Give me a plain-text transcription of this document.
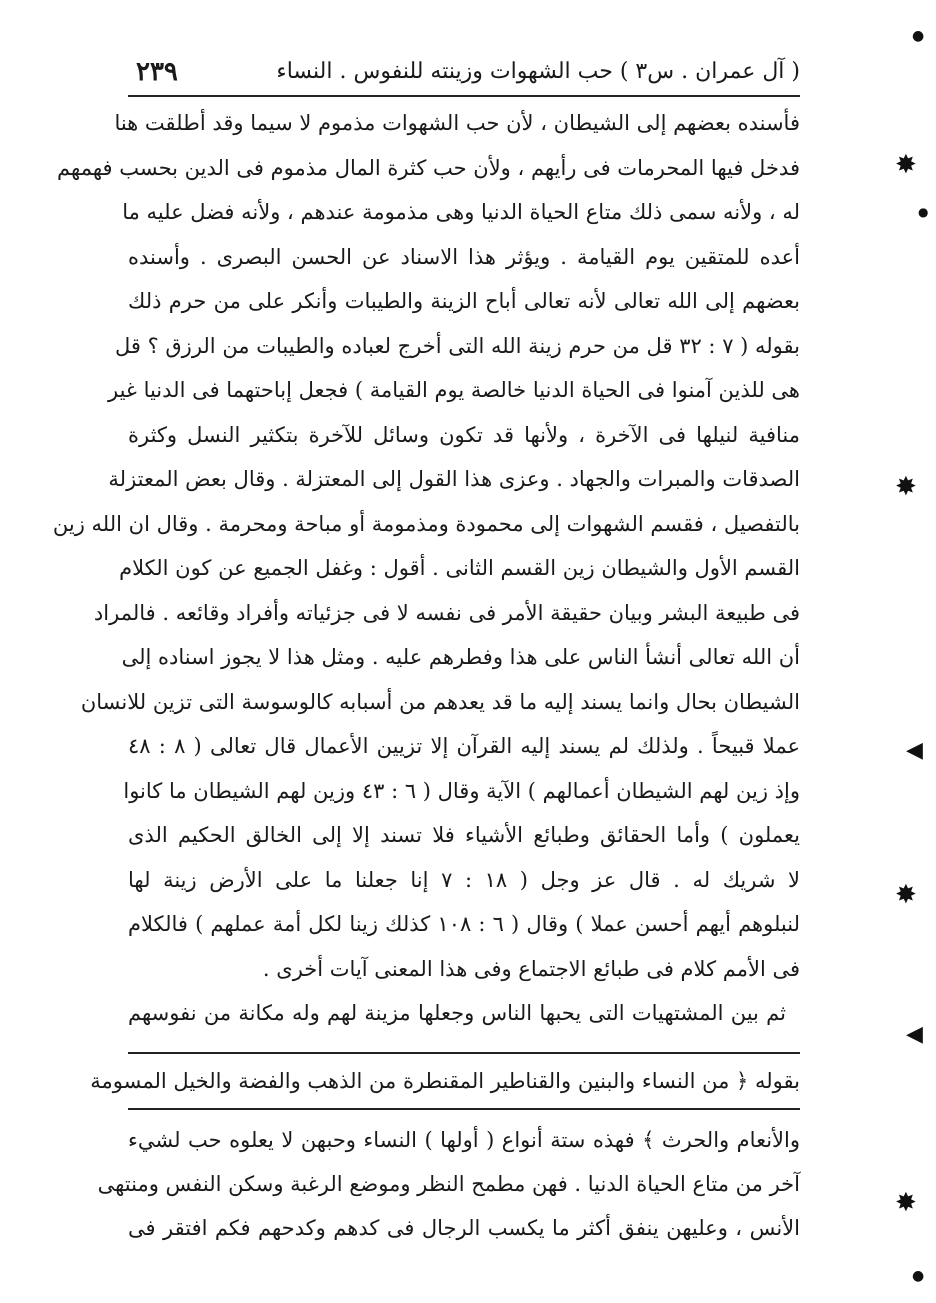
( آل عمران . س٣ ) حب الشهوات وزينته للنفوس . النساء
٢٣٩
فأسنده بعضهم إلى الشيطان ، لأن حب الشهوات مذموم لا سيما وقد أطلقت هنا
فدخل فيها المحرمات فى رأيهم ، ولأن حب كثرة المال مذموم فى الدين بحسب فهمهم
له ، ولأنه سمى ذلك متاع الحياة الدنيا وهى مذمومة عندهم ، ولأنه فضل عليه ما
أعده للمتقين يوم القيامة . ويؤثر هذا الاسناد عن الحسن البصرى . وأسنده
بعضهم إلى الله تعالى لأنه تعالى أباح الزينة والطيبات وأنكر على من حرم ذلك
بقوله ( ٧ : ٣٢ قل من حرم زينة الله التى أخرج لعباده والطيبات من الرزق ؟ قل
هى للذين آمنوا فى الحياة الدنيا خالصة يوم القيامة ) فجعل إباحتهما فى الدنيا غير
منافية لنيلها فى الآخرة ، ولأنها قد تكون وسائل للآخرة بتكثير النسل وكثرة
الصدقات والمبرات والجهاد . وعزى هذا القول إلى المعتزلة . وقال بعض المعتزلة
بالتفصيل ، فقسم الشهوات إلى محمودة ومذمومة أو مباحة ومحرمة . وقال ان الله زين
القسم الأول والشيطان زين القسم الثانى . أقول : وغفل الجميع عن كون الكلام
فى طبيعة البشر وبيان حقيقة الأمر فى نفسه لا فى جزئياته وأفراد وقائعه . فالمراد
أن الله تعالى أنشأ الناس على هذا وفطرهم عليه . ومثل هذا لا يجوز اسناده إلى
الشيطان بحال وانما يسند إليه ما قد يعدهم من أسبابه كالوسوسة التى تزين للانسان
عملا قبيحاً . ولذلك لم يسند إليه القرآن إلا تزيين الأعمال قال تعالى ( ٨ : ٤٨
وإذ زين لهم الشيطان أعمالهم ) الآية وقال ( ٦ : ٤٣ وزين لهم الشيطان ما كانوا
يعملون ) وأما الحقائق وطبائع الأشياء فلا تسند إلا إلى الخالق الحكيم الذى
لا شريك له . قال عز وجل ( ١٨ : ٧ إنا جعلنا ما على الأرض زينة لها
لنبلوهم أيهم أحسن عملا ) وقال ( ٦ : ١٠٨ كذلك زينا لكل أمة عملهم ) فالكلام
فى الأمم كلام فى طبائع الاجتماع وفى هذا المعنى آيات أخرى .
ثم بين المشتهيات التى يحبها الناس وجعلها مزينة لهم وله مكانة من نفوسهم
بقوله ﴿ من النساء والبنين والقناطير المقنطرة من الذهب والفضة والخيل المسومة
والأنعام والحرث ﴾ فهذه ستة أنواع ( أولها ) النساء وحبهن لا يعلوه حب لشيء
آخر من متاع الحياة الدنيا . فهن مطمح النظر وموضع الرغبة وسكن النفس ومنتهى
الأنس ، وعليهن ينفق أكثر ما يكسب الرجال فى كدهم وكدحهم فكم افتقر فى
●
✸
●
✸
◀
✸
◀
✸
●
